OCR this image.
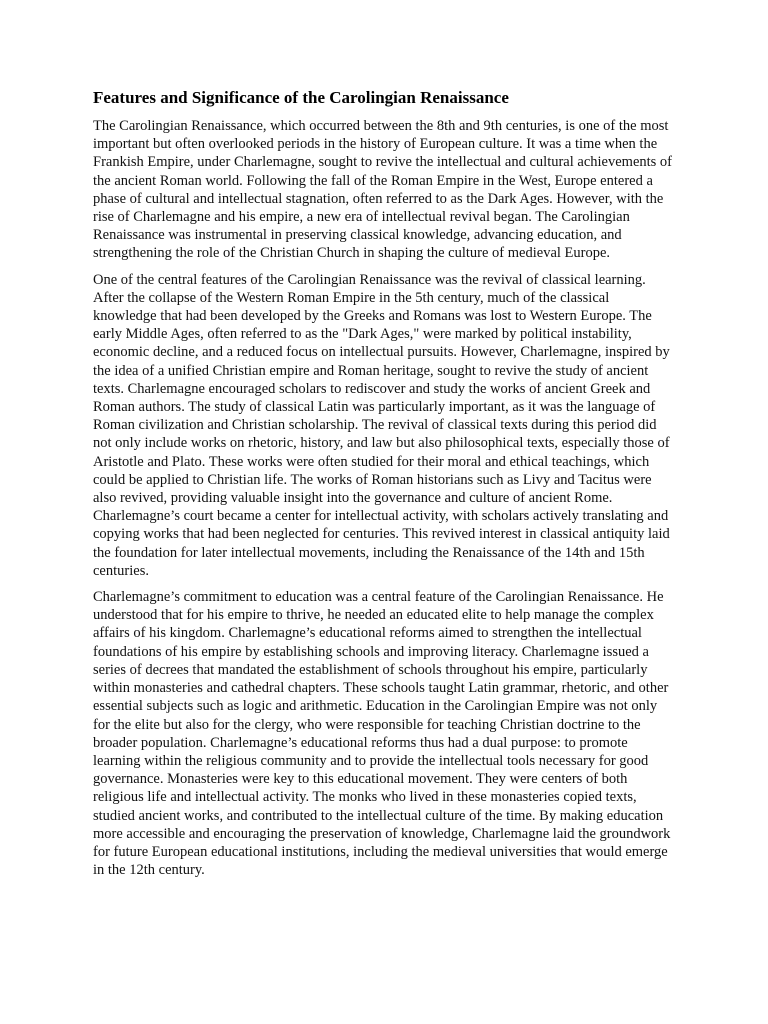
Features and Significance of the Carolingian Renaissance

The Carolingian Renaissance, which occurred between the 8th and 9th centuries, is one of the most important but often overlooked periods in the history of European culture. It was a time when the Frankish Empire, under Charlemagne, sought to revive the intellectual and cultural achievements of the ancient Roman world. Following the fall of the Roman Empire in the West, Europe entered a phase of cultural and intellectual stagnation, often referred to as the Dark Ages. However, with the rise of Charlemagne and his empire, a new era of intellectual revival began. The Carolingian Renaissance was instrumental in preserving classical knowledge, advancing education, and strengthening the role of the Christian Church in shaping the culture of medieval Europe.

One of the central features of the Carolingian Renaissance was the revival of classical learning. After the collapse of the Western Roman Empire in the 5th century, much of the classical knowledge that had been developed by the Greeks and Romans was lost to Western Europe. The early Middle Ages, often referred to as the "Dark Ages," were marked by political instability, economic decline, and a reduced focus on intellectual pursuits. However, Charlemagne, inspired by the idea of a unified Christian empire and Roman heritage, sought to revive the study of ancient texts. Charlemagne encouraged scholars to rediscover and study the works of ancient Greek and Roman authors. The study of classical Latin was particularly important, as it was the language of Roman civilization and Christian scholarship. The revival of classical texts during this period did not only include works on rhetoric, history, and law but also philosophical texts, especially those of Aristotle and Plato. These works were often studied for their moral and ethical teachings, which could be applied to Christian life. The works of Roman historians such as Livy and Tacitus were also revived, providing valuable insight into the governance and culture of ancient Rome. Charlemagne’s court became a center for intellectual activity, with scholars actively translating and copying works that had been neglected for centuries. This revived interest in classical antiquity laid the foundation for later intellectual movements, including the Renaissance of the 14th and 15th centuries.

Charlemagne’s commitment to education was a central feature of the Carolingian Renaissance. He understood that for his empire to thrive, he needed an educated elite to help manage the complex affairs of his kingdom. Charlemagne’s educational reforms aimed to strengthen the intellectual foundations of his empire by establishing schools and improving literacy. Charlemagne issued a series of decrees that mandated the establishment of schools throughout his empire, particularly within monasteries and cathedral chapters. These schools taught Latin grammar, rhetoric, and other essential subjects such as logic and arithmetic. Education in the Carolingian Empire was not only for the elite but also for the clergy, who were responsible for teaching Christian doctrine to the broader population. Charlemagne’s educational reforms thus had a dual purpose: to promote learning within the religious community and to provide the intellectual tools necessary for good governance. Monasteries were key to this educational movement. They were centers of both religious life and intellectual activity. The monks who lived in these monasteries copied texts, studied ancient works, and contributed to the intellectual culture of the time. By making education more accessible and encouraging the preservation of knowledge, Charlemagne laid the groundwork for future European educational institutions, including the medieval universities that would emerge in the 12th century.
